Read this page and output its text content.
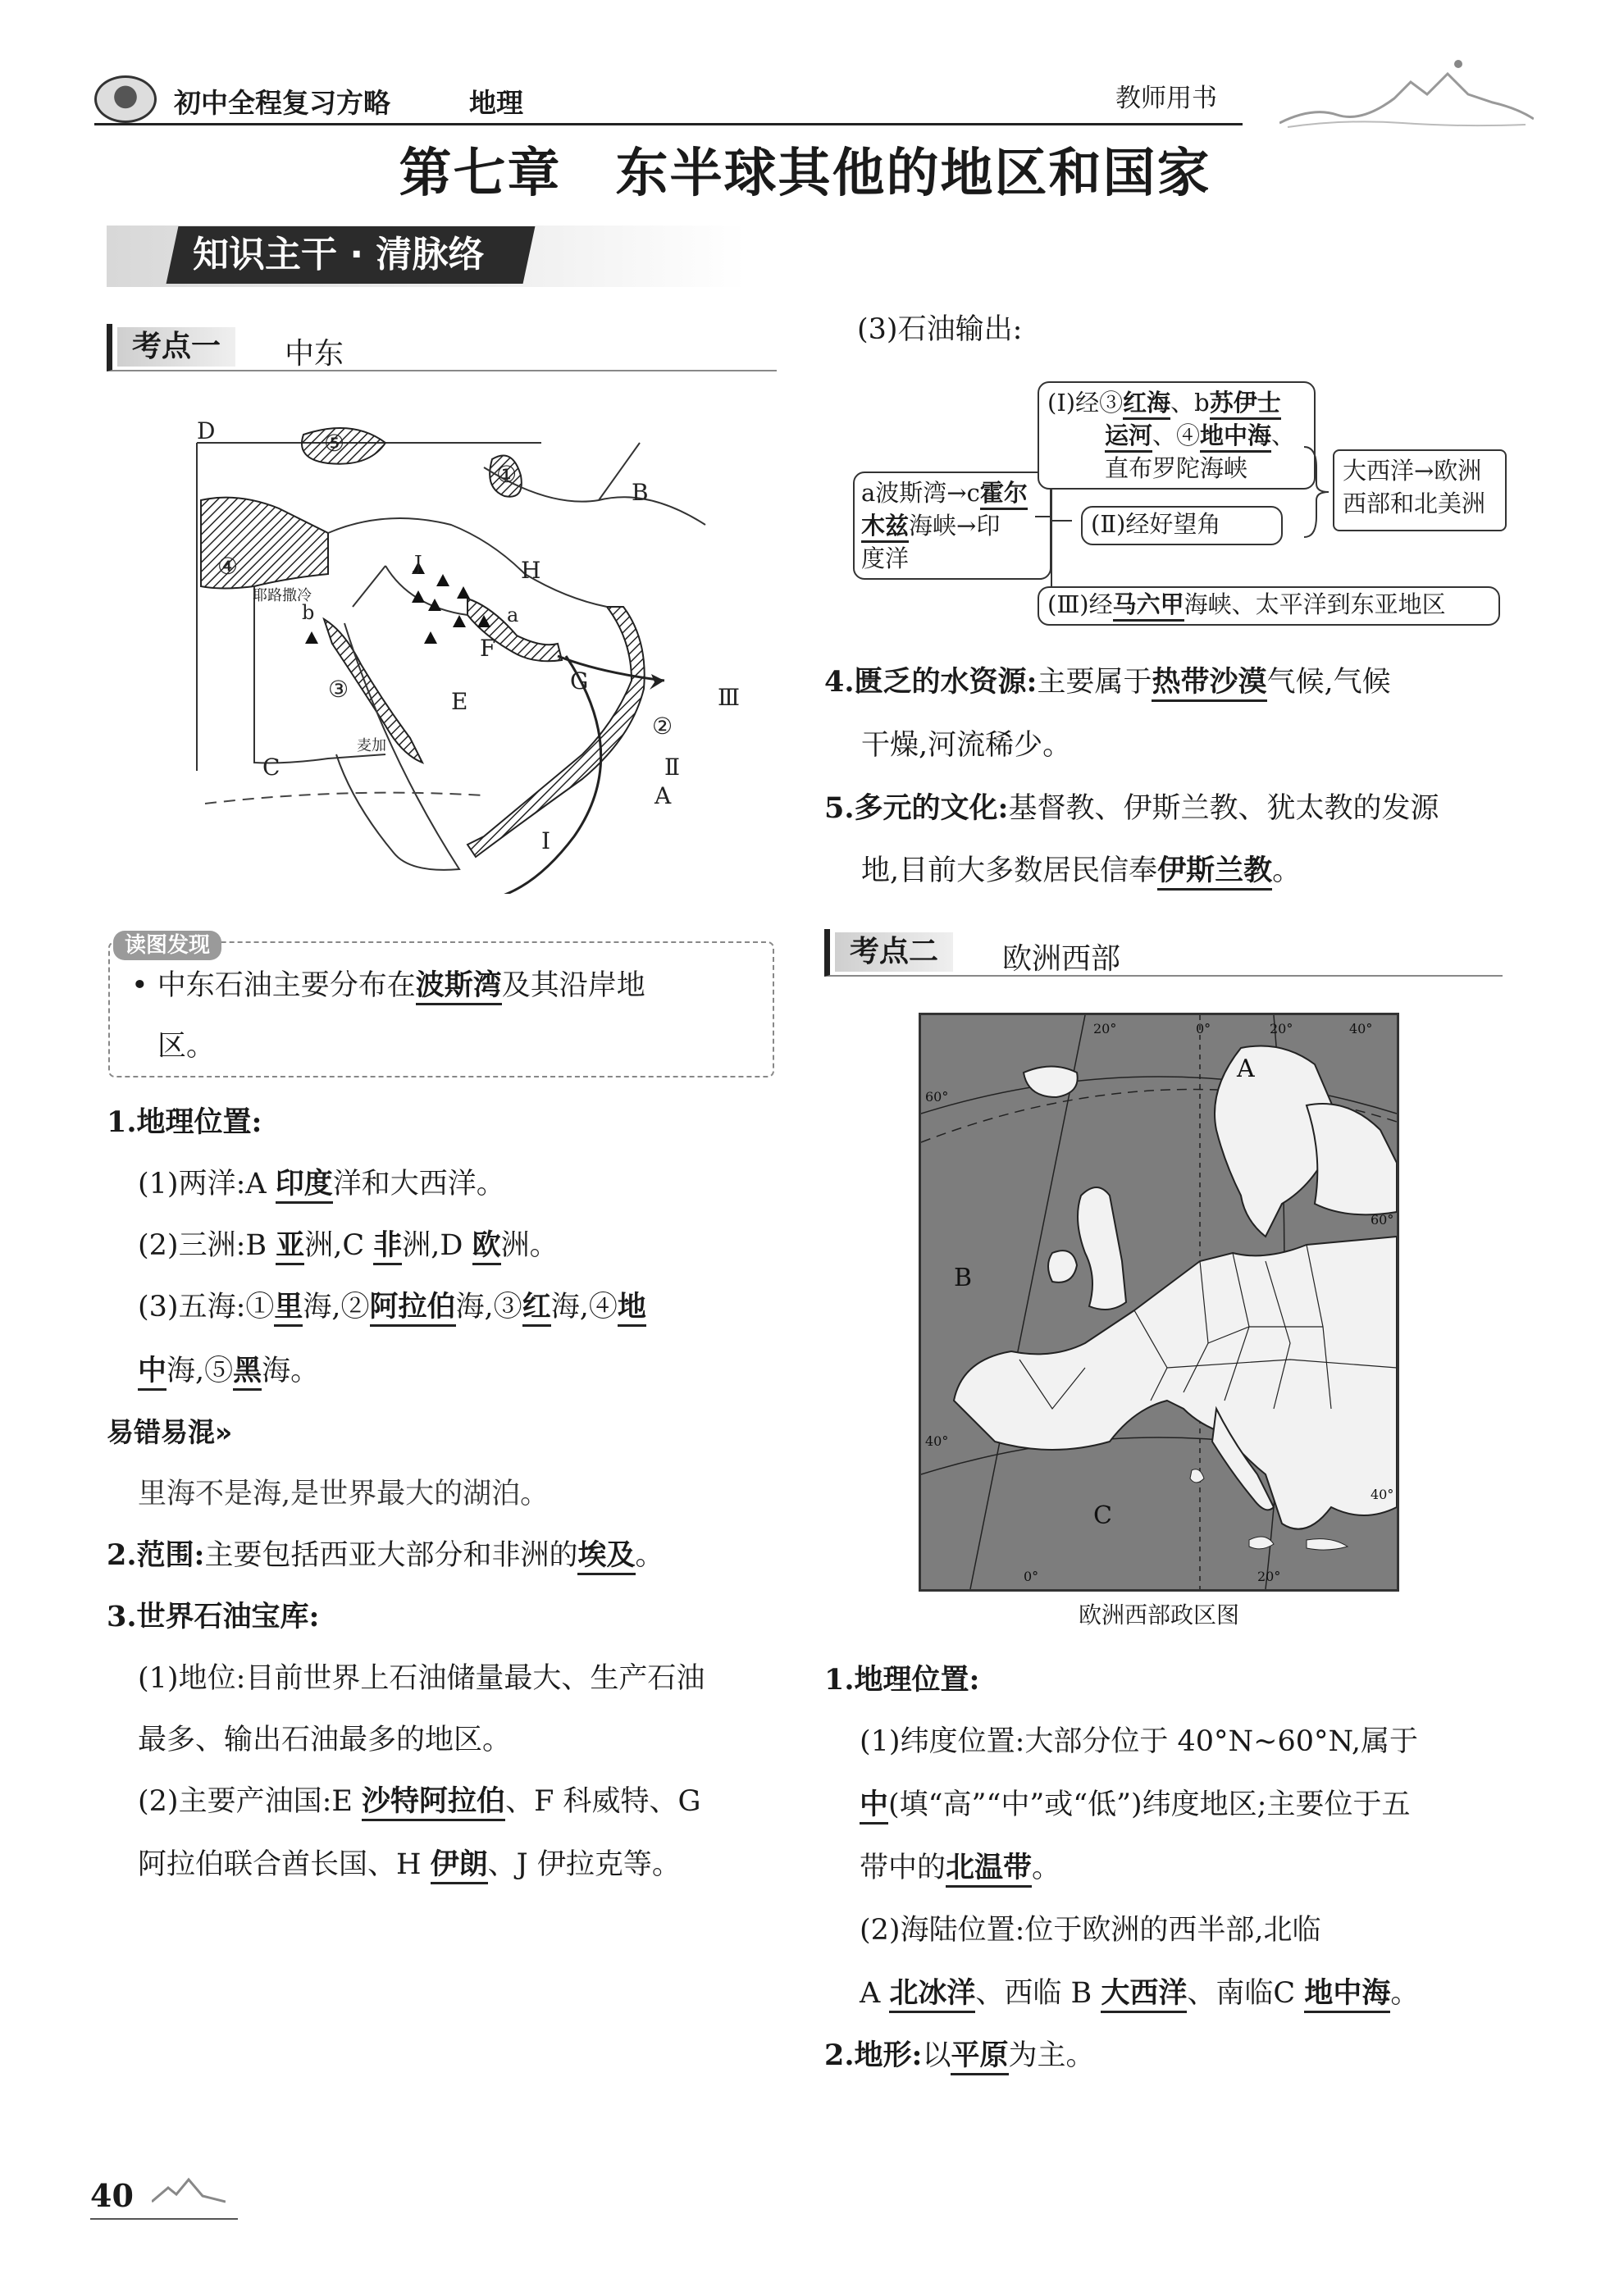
初中全程复习方略	地理	教师用书
第七章　东半球其他的地区和国家
知识主干 · 清脉络
考点一	中东
D	⑤
①
B
④	H
F
a
b
耶路撒冷
J
③	E
G
Ⅲ
②
Ⅱ
A
C
麦加
Ⅰ
读图发现
• 中东石油主要分布在波斯湾及其沿岸地
区。
1.地理位置:
(1)两洋:A 印度洋和大西洋。
(2)三洲:B 亚洲,C 非洲,D 欧洲。
(3)五海:①里海,②阿拉伯海,③红海,④地
中海,⑤黑海。
易错易混»
里海不是海,是世界最大的湖泊。
2.范围:主要包括西亚大部分和非洲的埃及。
3.世界石油宝库:
(1)地位:目前世界上石油储量最大、生产石油
最多、输出石油最多的地区。
(2)主要产油国:E 沙特阿拉伯、F 科威特、G
阿拉伯联合酋长国、H 伊朗、J 伊拉克等。
(3)石油输出:
a波斯湾→c霍尔
木兹海峡→印
度洋
(Ⅰ)经③红海、b苏伊士
运河、④地中海、
直布罗陀海峡
(Ⅱ)经好望角
(Ⅲ)经马六甲海峡、太平洋到东亚地区
大西洋→欧洲
西部和北美洲
4.匮乏的水资源:主要属于热带沙漠气候,气候
干燥,河流稀少。
5.多元的文化:基督教、伊斯兰教、犹太教的发源
地,目前大多数居民信奉伊斯兰教。
考点二	欧洲西部
A
B
C
20°	0°	20°	40°
60°
60°
40°
40°
0°	20°
欧洲西部政区图
1.地理位置:
(1)纬度位置:大部分位于 40°N~60°N,属于
中(填“高”“中”或“低”)纬度地区;主要位于五
带中的北温带。
(2)海陆位置:位于欧洲的西半部,北临
A 北冰洋、西临 B 大西洋、南临C 地中海。
2.地形:以平原为主。
40
